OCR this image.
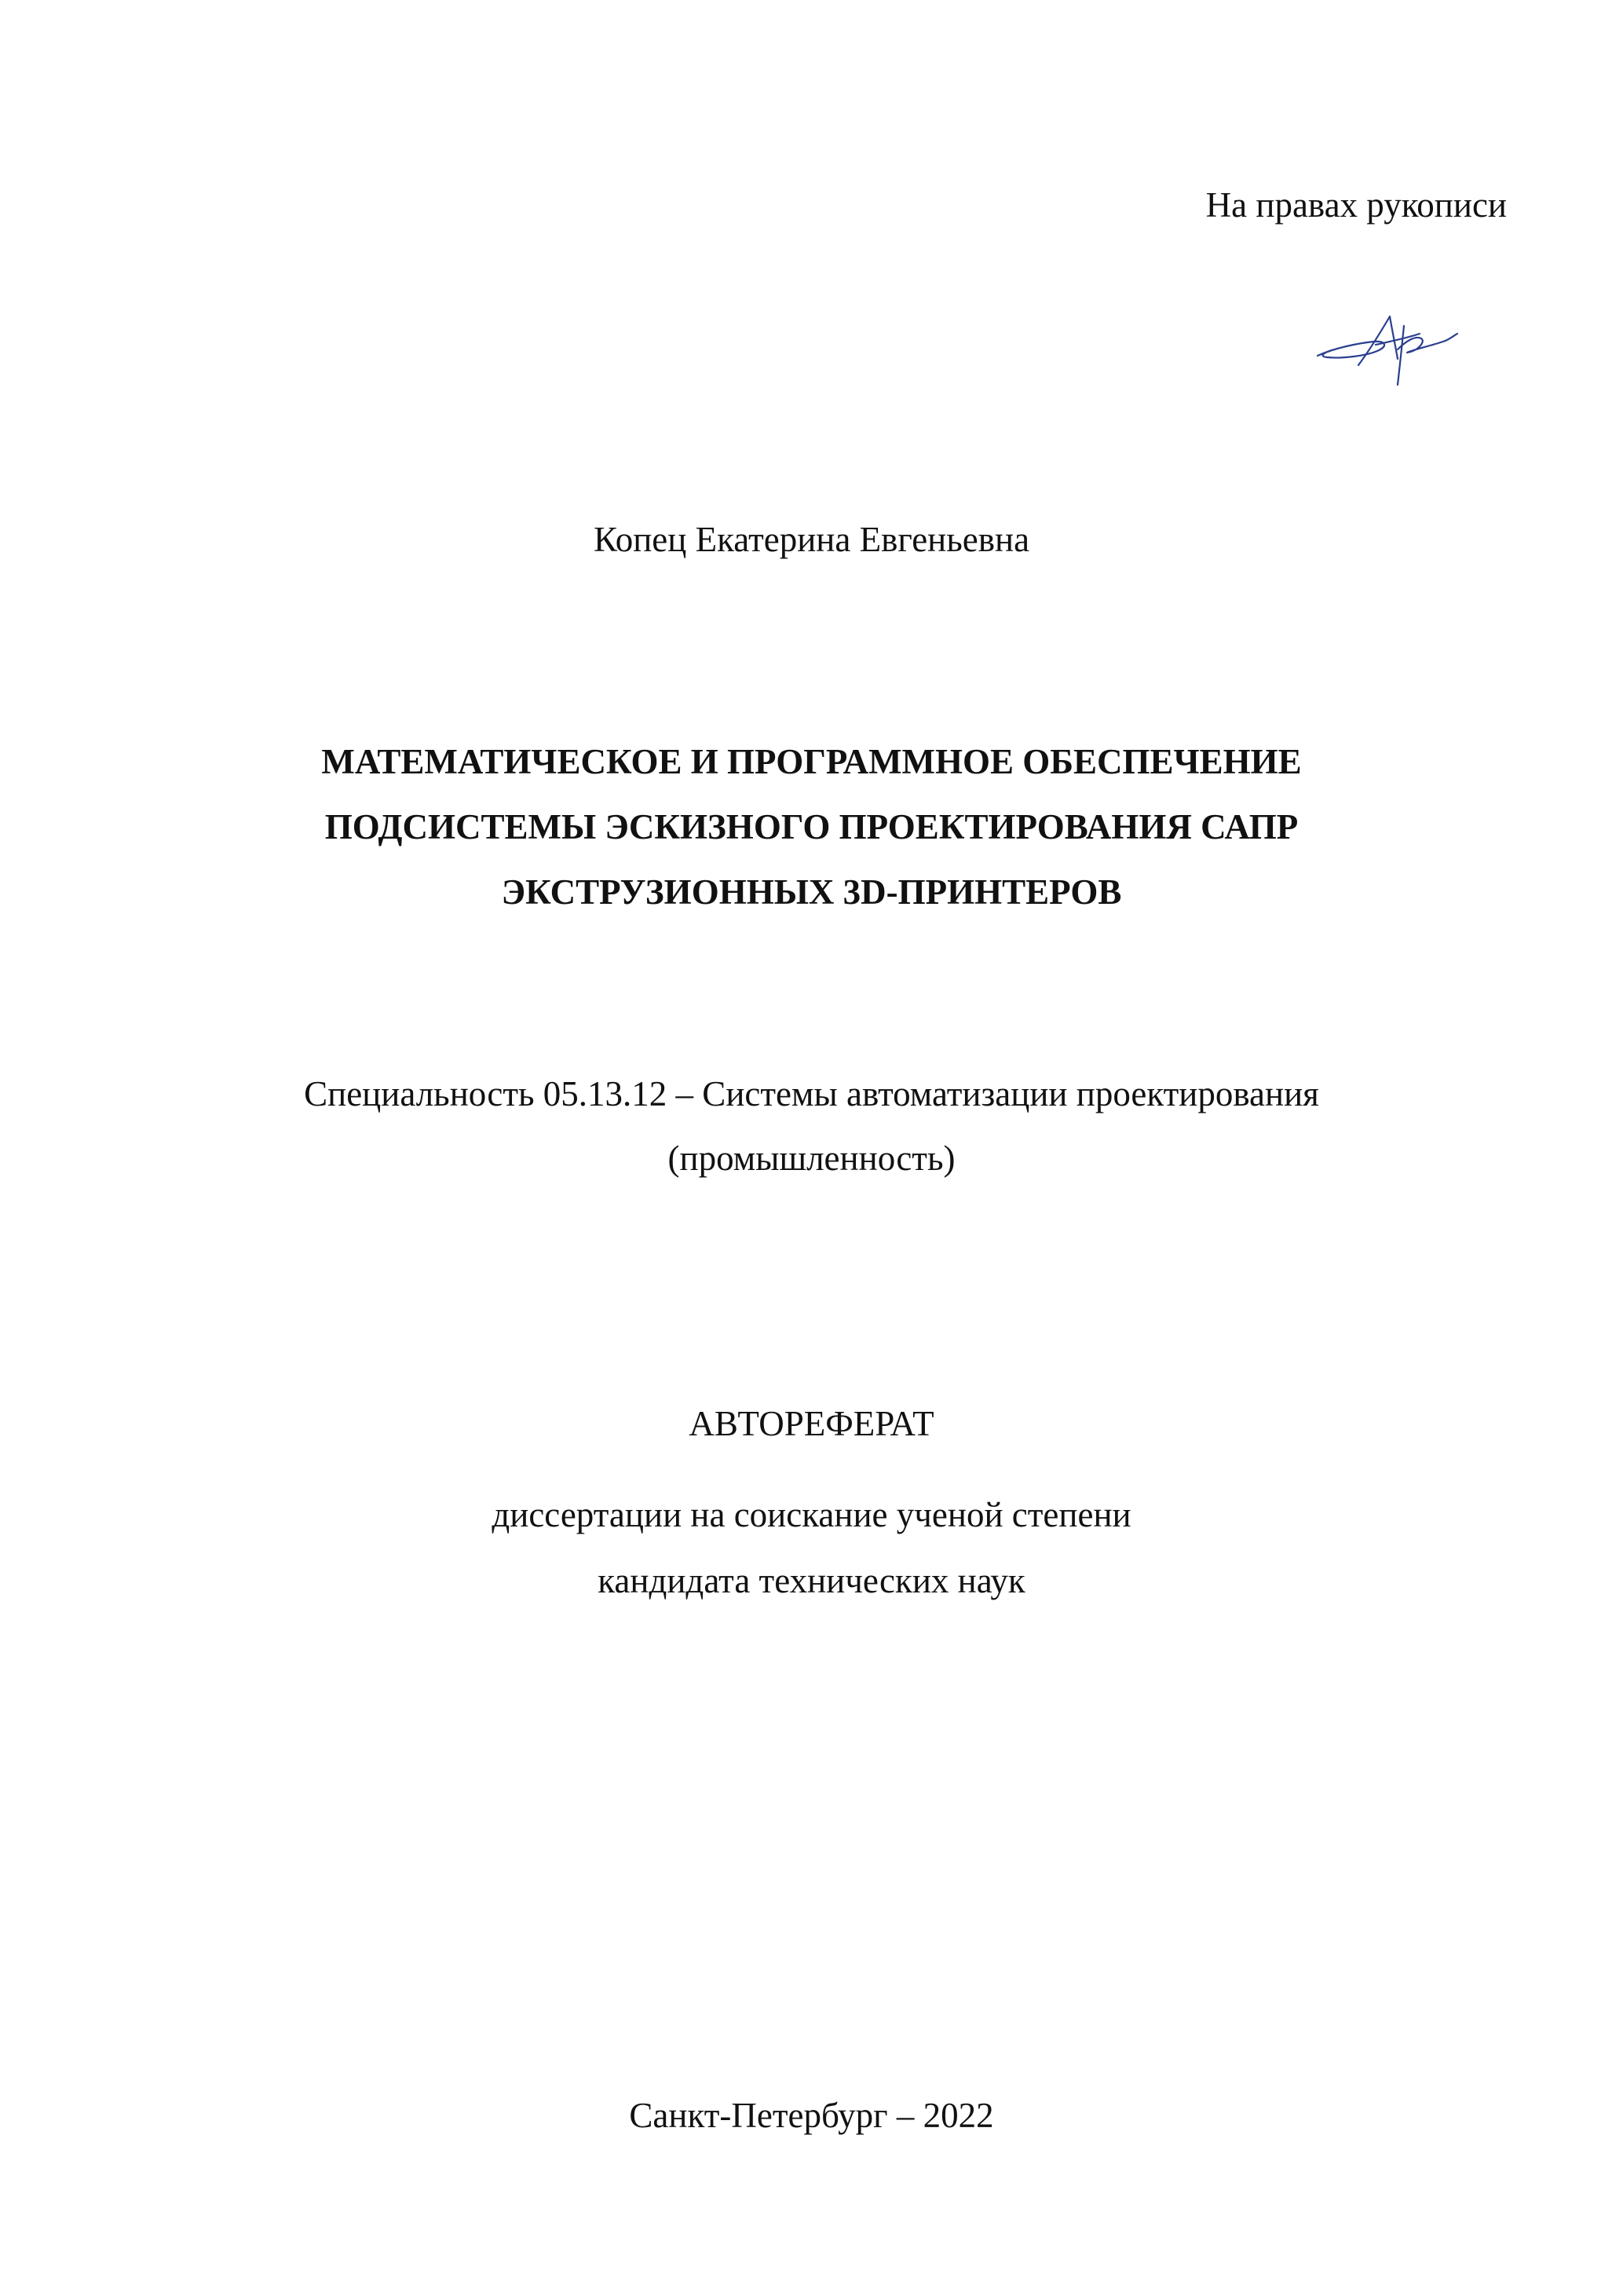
На правах рукописи
Копец Екатерина Евгеньевна
МАТЕМАТИЧЕСКОЕ И ПРОГРАММНОЕ ОБЕСПЕЧЕНИЕ
ПОДСИСТЕМЫ ЭСКИЗНОГО ПРОЕКТИРОВАНИЯ САПР
ЭКСТРУЗИОННЫХ 3D-ПРИНТЕРОВ
Специальность 05.13.12 – Системы автоматизации проектирования
(промышленность)
АВТОРЕФЕРАТ
диссертации на соискание ученой степени
кандидата технических наук
Санкт-Петербург – 2022
